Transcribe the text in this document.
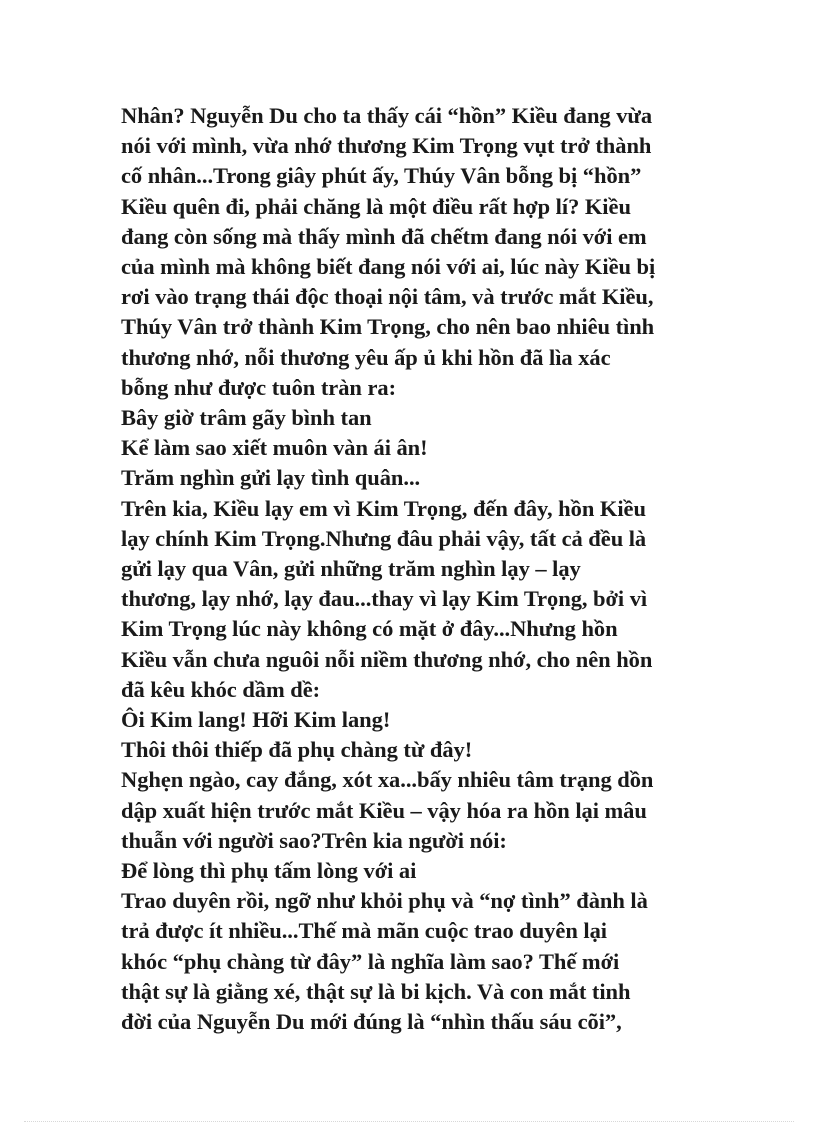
Nhân? Nguyễn Du cho ta thấy cái “hồn” Kiều đang vừa
nói với mình, vừa nhớ thương Kim Trọng vụt trở thành
cố nhân...Trong giây phút ấy, Thúy Vân bỗng bị “hồn”
Kiều quên đi, phải chăng là một điều rất hợp lí? Kiều
đang còn sống mà thấy mình đã chếtm đang nói với em
của mình mà không biết đang nói với ai, lúc này Kiều bị
rơi vào trạng thái độc thoại nội tâm, và trước mắt Kiều,
Thúy Vân trở thành Kim Trọng, cho nên bao nhiêu tình
thương nhớ, nỗi thương yêu ấp ủ khi hồn đã lìa xác
bỗng như được tuôn tràn ra:
Bây giờ trâm gãy bình tan
Kể làm sao xiết muôn vàn ái ân!
Trăm nghìn gửi lạy tình quân...
Trên kia, Kiều lạy em vì Kim Trọng, đến đây, hồn Kiều
lạy chính Kim Trọng.Nhưng đâu phải vậy, tất cả đều là
gửi lạy qua Vân, gửi những trăm nghìn lạy – lạy
thương, lạy nhớ, lạy đau...thay vì lạy Kim Trọng, bởi vì
Kim Trọng lúc này không có mặt ở đây...Nhưng hồn
Kiều vẫn chưa nguôi nỗi niềm thương nhớ, cho nên hồn
đã kêu khóc dầm dề:
Ôi Kim lang! Hỡi Kim lang!
Thôi thôi thiếp đã phụ chàng từ đây!
Nghẹn ngào, cay đắng, xót xa...bấy nhiêu tâm trạng dồn
dập xuất hiện trước mắt Kiều – vậy hóa ra hồn lại mâu
thuẫn với người sao?Trên kia người nói:
Để lòng thì phụ tấm lòng với ai
Trao duyên rồi, ngỡ như khỏi phụ và “nợ tình” đành là
trả được ít nhiều...Thế mà mãn cuộc trao duyên lại
khóc “phụ chàng từ đây” là nghĩa làm sao? Thế mới
thật sự là giằng xé, thật sự là bi kịch. Và con mắt tinh
đời của Nguyễn Du mới đúng là “nhìn thấu sáu cõi”,
